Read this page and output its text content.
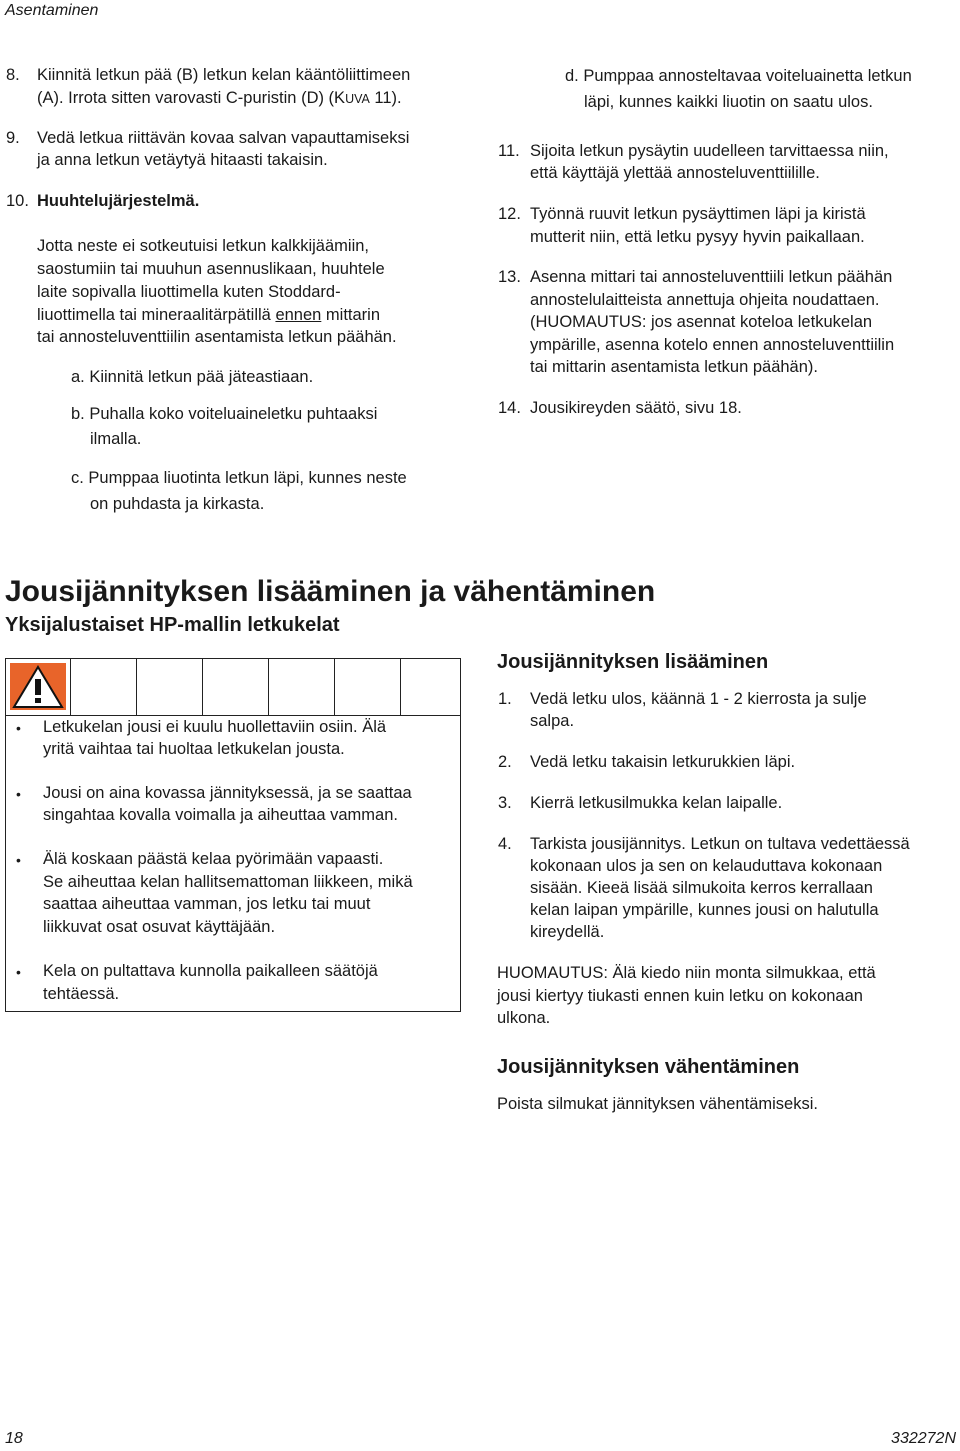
Asentaminen
18	332272N
8. Kiinnitä letkun pää (B) letkun kelan kääntöliittimeen
(A). Irrota sitten varovasti C-puristin (D) (KUVA 11).
9. Vedä letkua riittävän kovaa salvan vapauttamiseksi
ja anna letkun vetäytyä hitaasti takaisin.
10. Huuhtelujärjestelmä.
Jotta neste ei sotkeutuisi letkun kalkkijäämiin,
saostumiin tai muuhun asennuslikaan, huuhtele
laite sopivalla liuottimella kuten Stoddard-
liuottimella tai mineraalitärpätillä ennen mittarin
tai annosteluventtiilin asentamista letkun päähän.
a. Kiinnitä letkun pää jäteastiaan.
b. Puhalla koko voiteluaineletku puhtaaksi
ilmalla.
c. Pumppaa liuotinta letkun läpi, kunnes neste
on puhdasta ja kirkasta.
d. Pumppaa annosteltavaa voiteluainetta letkun
läpi, kunnes kaikki liuotin on saatu ulos.
11. Sijoita letkun pysäytin uudelleen tarvittaessa niin,
että käyttäjä ylettää annosteluventtiilille.
12. Työnnä ruuvit letkun pysäyttimen läpi ja kiristä
mutterit niin, että letku pysyy hyvin paikallaan.
13. Asenna mittari tai annosteluventtiili letkun päähän
annostelulaitteista annettuja ohjeita noudattaen.
(HUOMAUTUS: jos asennat koteloa letkukelan
ympärille, asenna kotelo ennen annosteluventtiilin
tai mittarin asentamista letkun päähän).
14. Jousikireyden säätö, sivu 18.
Jousijännityksen lisääminen ja vähentäminen
Yksijalustaiset HP-mallin letkukelat
• Letkukelan jousi ei kuulu huollettaviin osiin. Älä
yritä vaihtaa tai huoltaa letkukelan jousta.
• Jousi on aina kovassa jännityksessä, ja se saattaa
singahtaa kovalla voimalla ja aiheuttaa vamman.
• Älä koskaan päästä kelaa pyörimään vapaasti.
Se aiheuttaa kelan hallitsemattoman liikkeen, mikä
saattaa aiheuttaa vamman, jos letku tai muut
liikkuvat osat osuvat käyttäjään.
• Kela on pultattava kunnolla paikalleen säätöjä
tehtäessä.
Jousijännityksen lisääminen
1. Vedä letku ulos, käännä 1 - 2 kierrosta ja sulje
salpa.
2. Vedä letku takaisin letkurukkien läpi.
3. Kierrä letkusilmukka kelan laipalle.
4. Tarkista jousijännitys. Letkun on tultava vedettäessä
kokonaan ulos ja sen on kelauduttava kokonaan
sisään. Kieeä lisää silmukoita kerros kerrallaan
kelan laipan ympärille, kunnes jousi on halutulla
kireydellä.
HUOMAUTUS: Älä kiedo niin monta silmukkaa, että
jousi kiertyy tiukasti ennen kuin letku on kokonaan
ulkona.
Jousijännityksen vähentäminen
Poista silmukat jännityksen vähentämiseksi.
